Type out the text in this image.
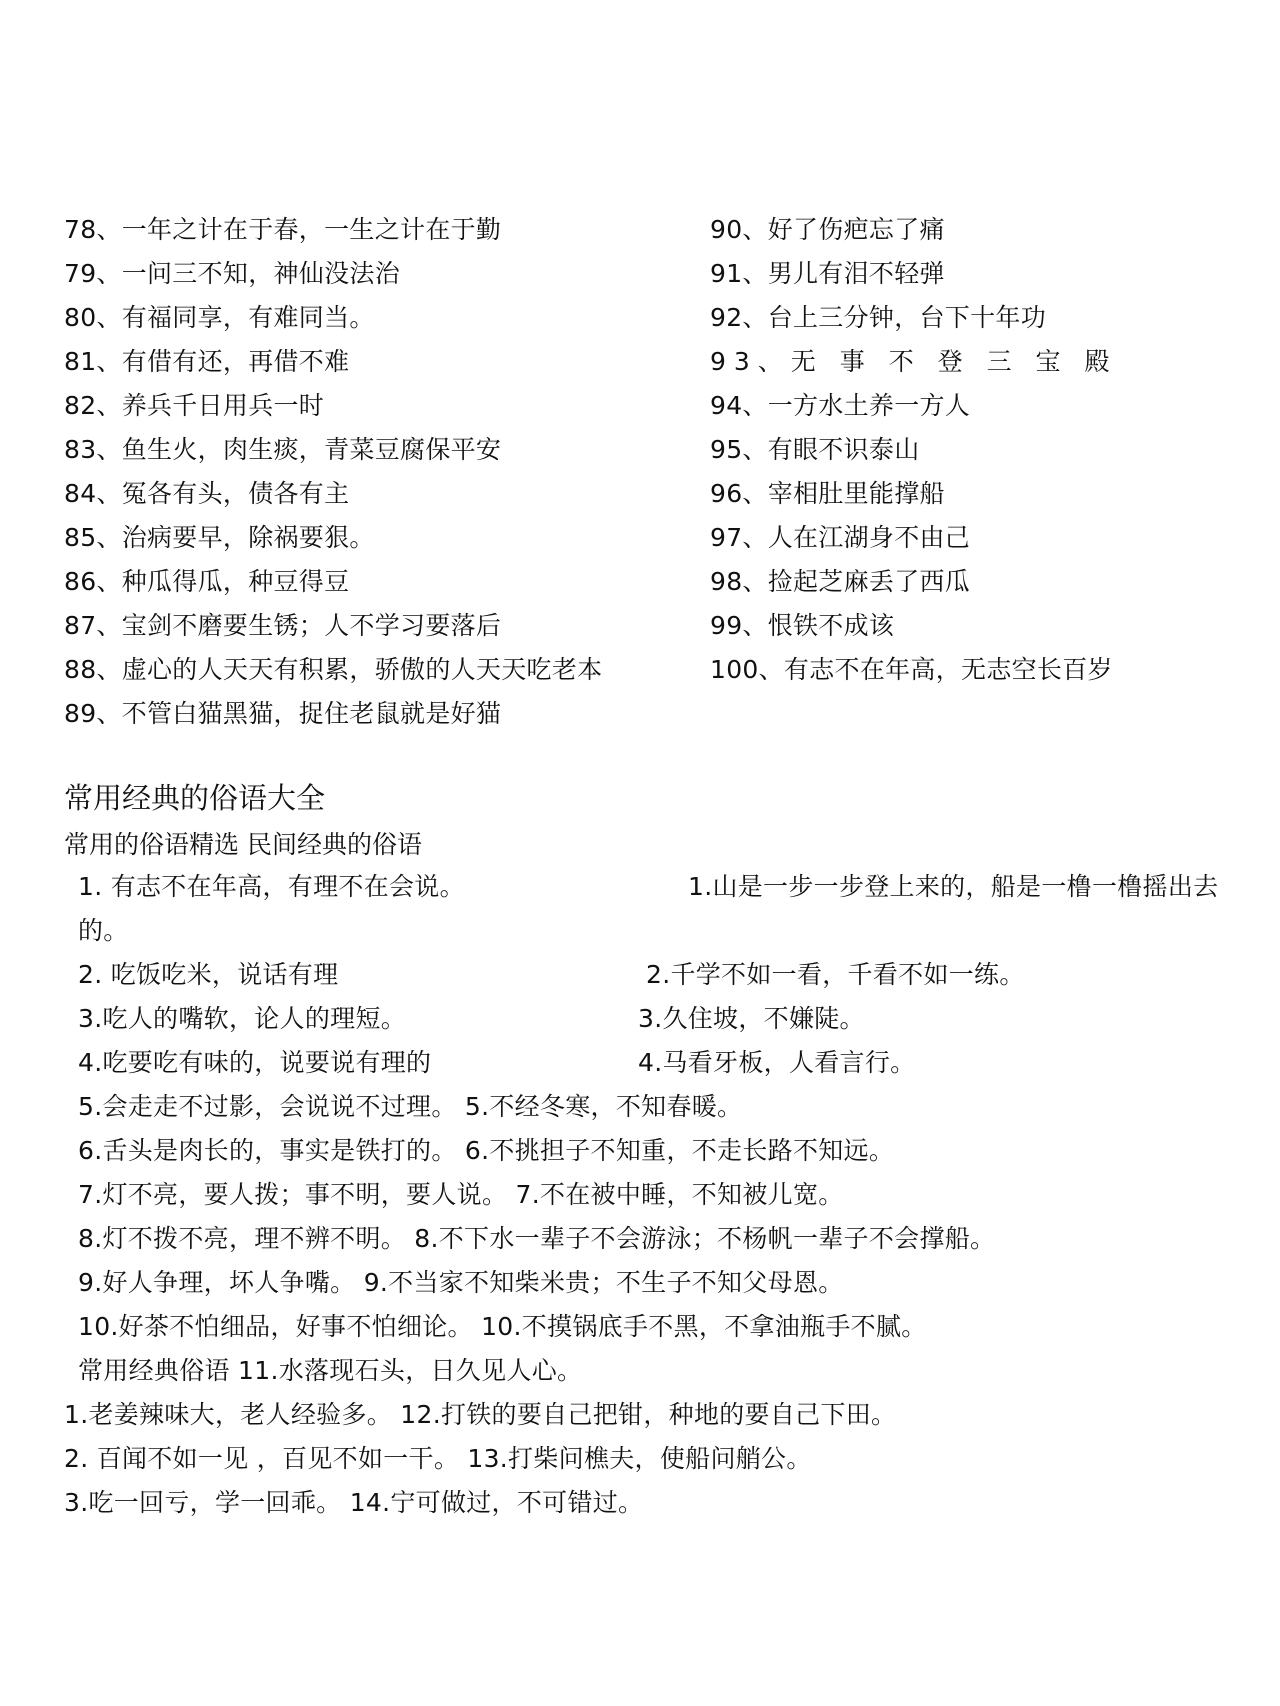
78、一年之计在于春，一生之计在于勤
79、一问三不知，神仙没法治
80、有福同享，有难同当。
81、有借有还，再借不难
82、养兵千日用兵一时
83、鱼生火，肉生痰，青菜豆腐保平安
84、冤各有头，债各有主
85、治病要早，除祸要狠。
86、种瓜得瓜，种豆得豆
87、宝剑不磨要生锈；人不学习要落后
88、虚心的人天天有积累，骄傲的人天天吃老本
89、不管白猫黑猫，捉住老鼠就是好猫
90、好了伤疤忘了痛
91、男儿有泪不轻弹
92、台上三分钟，台下十年功
93、无 事 不 登 三 宝 殿
94、一方水土养一方人
95、有眼不识泰山
96、宰相肚里能撑船
97、人在江湖身不由己
98、捡起芝麻丢了西瓜
99、恨铁不成该
100、有志不在年高，无志空长百岁
常用经典的俗语大全
常用的俗语精选 民间经典的俗语
1. 有志不在年高，有理不在会说。	1.山是一步一步登上来的，船是一橹一橹摇出去
的。
2. 吃饭吃米，说话有理	2.千学不如一看，千看不如一练。
3.吃人的嘴软，论人的理短。	3.久住坡，不嫌陡。
4.吃要吃有味的，说要说有理的	4.马看牙板，人看言行。
5.会走走不过影，会说说不过理。 5.不经冬寒，不知春暖。
6.舌头是肉长的，事实是铁打的。 6.不挑担子不知重，不走长路不知远。
7.灯不亮，要人拨；事不明，要人说。 7.不在被中睡，不知被儿宽。
8.灯不拨不亮，理不辨不明。 8.不下水一辈子不会游泳；不杨帆一辈子不会撑船。
9.好人争理，坏人争嘴。 9.不当家不知柴米贵；不生子不知父母恩。
10.好茶不怕细品，好事不怕细论。 10.不摸锅底手不黑，不拿油瓶手不腻。
常用经典俗语 11.水落现石头，日久见人心。
1.老姜辣味大，老人经验多。 12.打铁的要自己把钳，种地的要自己下田。
2. 百闻不如一见 ，百见不如一干。 13.打柴问樵夫，使船问艄公。
3.吃一回亏，学一回乖。 14.宁可做过，不可错过。
